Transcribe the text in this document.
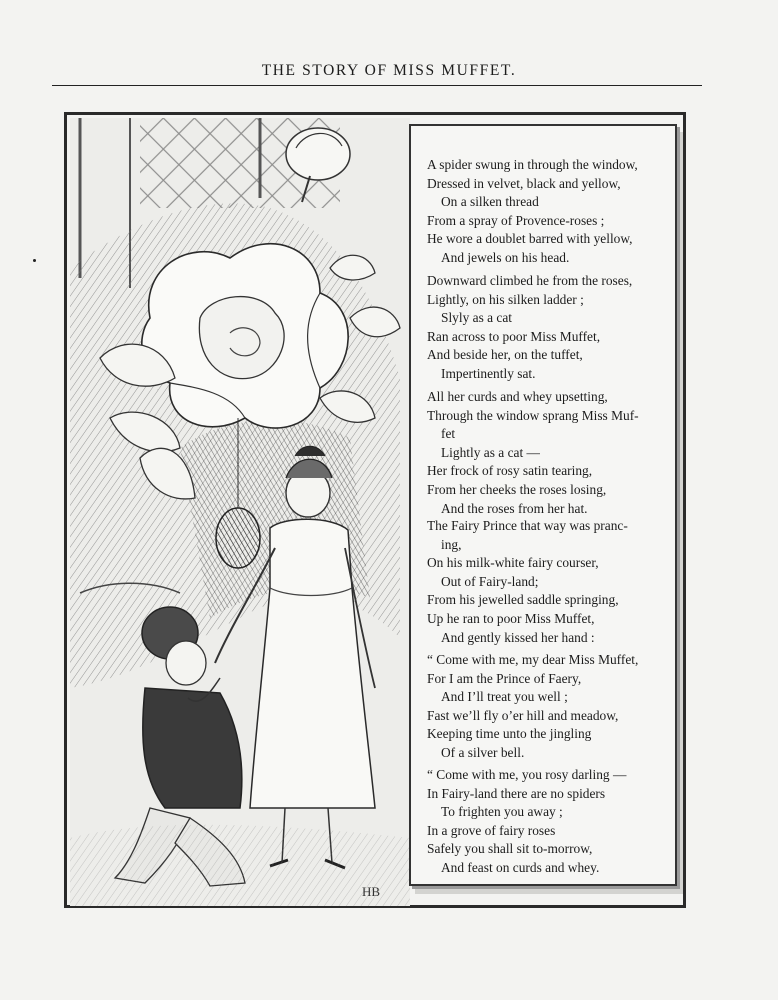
THE STORY OF MISS MUFFET.
HB
A spider swung in through the window,
Dressed in velvet, black and yellow,
On a silken thread
From a spray of Provence-roses ;
He wore a doublet barred with yellow,
And jewels on his head.
Downward climbed he from the roses,
Lightly, on his silken ladder ;
Slyly as a cat
Ran across to poor Miss Muffet,
And beside her, on the tuffet,
Impertinently sat.
All her curds and whey upsetting,
Through the window sprang Miss Muf-
fet
Lightly as a cat —
Her frock of rosy satin tearing,
From her cheeks the roses losing,
And the roses from her hat.
The Fairy Prince that way was pranc-
ing,
On his milk-white fairy courser,
Out of Fairy-land;
From his jewelled saddle springing,
Up he ran to poor Miss Muffet,
And gently kissed her hand :
“ Come with me, my dear Miss Muffet,
For I am the Prince of Faery,
And I’ll treat you well ;
Fast we’ll fly o’er hill and meadow,
Keeping time unto the jingling
Of a silver bell.
“ Come with me, you rosy darling —
In Fairy-land there are no spiders
To frighten you away ;
In a grove of fairy roses
Safely you shall sit to-morrow,
And feast on curds and whey.
